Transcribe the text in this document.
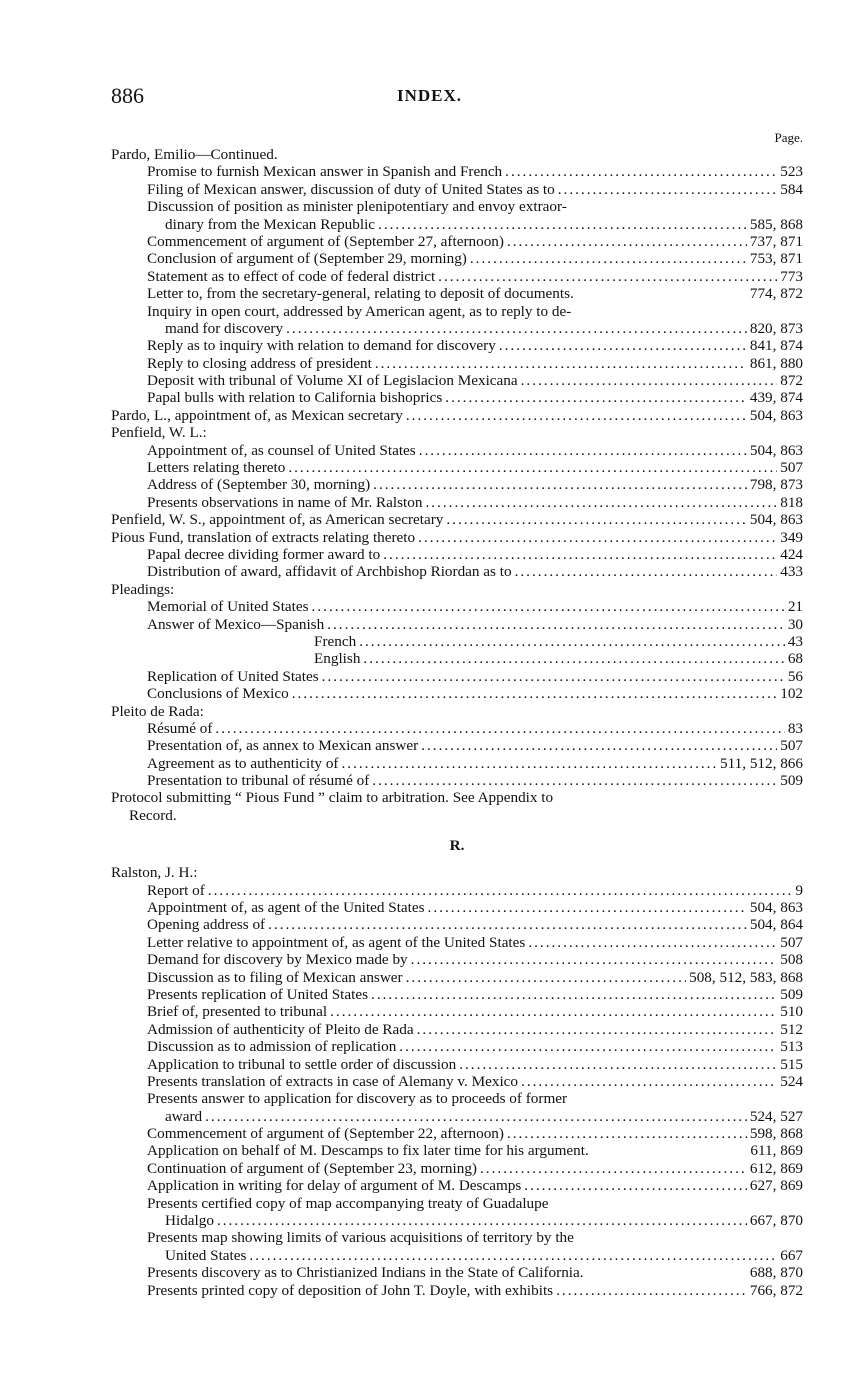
886	INDEX.
Page.
Pardo, Emilio—Continued.
Promise to furnish Mexican answer in Spanish and French .....	523
Filing of Mexican answer, discussion of duty of United States as to .....	584
Discussion of position as minister plenipotentiary and envoy extraor-
dinary from the Mexican Republic .....	585, 868
Commencement of argument of (September 27, afternoon) .....	737, 871
Conclusion of argument of (September 29, morning) .....	753, 871
Statement as to effect of code of federal district .....	773
Letter to, from the secretary-general, relating to deposit of documents.	774, 872
Inquiry in open court, addressed by American agent, as to reply to de-
mand for discovery .....	820, 873
Reply as to inquiry with relation to demand for discovery .....	841, 874
Reply to closing address of president .....	861, 880
Deposit with tribunal of Volume XI of Legislacion Mexicana .....	872
Papal bulls with relation to California bishoprics .....	439, 874
Pardo, L., appointment of, as Mexican secretary .....	504, 863
Penfield, W. L.:
Appointment of, as counsel of United States .....	504, 863
Letters relating thereto .....	507
Address of (September 30, morning) .....	798, 873
Presents observations in name of Mr. Ralston .....	818
Penfield, W. S., appointment of, as American secretary .....	504, 863
Pious Fund, translation of extracts relating thereto .....	349
Papal decree dividing former award to .....	424
Distribution of award, affidavit of Archbishop Riordan as to .....	433
Pleadings:
Memorial of United States .....	21
Answer of Mexico—Spanish .....	30
French .....	43
English .....	68
Replication of United States .....	56
Conclusions of Mexico .....	102
Pleito de Rada:
Résumé of .....	83
Presentation of, as annex to Mexican answer .....	507
Agreement as to authenticity of .....	511, 512, 866
Presentation to tribunal of résumé of .....	509
Protocol submitting “ Pious Fund ” claim to arbitration. See Appendix to
Record.
R.
Ralston, J. H.:
Report of .....	9
Appointment of, as agent of the United States .....	504, 863
Opening address of .....	504, 864
Letter relative to appointment of, as agent of the United States .....	507
Demand for discovery by Mexico made by .....	508
Discussion as to filing of Mexican answer .....	508, 512, 583, 868
Presents replication of United States .....	509
Brief of, presented to tribunal .....	510
Admission of authenticity of Pleito de Rada .....	512
Discussion as to admission of replication .....	513
Application to tribunal to settle order of discussion .....	515
Presents translation of extracts in case of Alemany v. Mexico .....	524
Presents answer to application for discovery as to proceeds of former
award .....	524, 527
Commencement of argument of (September 22, afternoon) .....	598, 868
Application on behalf of M. Descamps to fix later time for his argument.	611, 869
Continuation of argument of (September 23, morning) .....	612, 869
Application in writing for delay of argument of M. Descamps .....	627, 869
Presents certified copy of map accompanying treaty of Guadalupe
Hidalgo .....	667, 870
Presents map showing limits of various acquisitions of territory by the
United States .....	667
Presents discovery as to Christianized Indians in the State of California.	688, 870
Presents printed copy of deposition of John T. Doyle, with exhibits .....	766, 872
